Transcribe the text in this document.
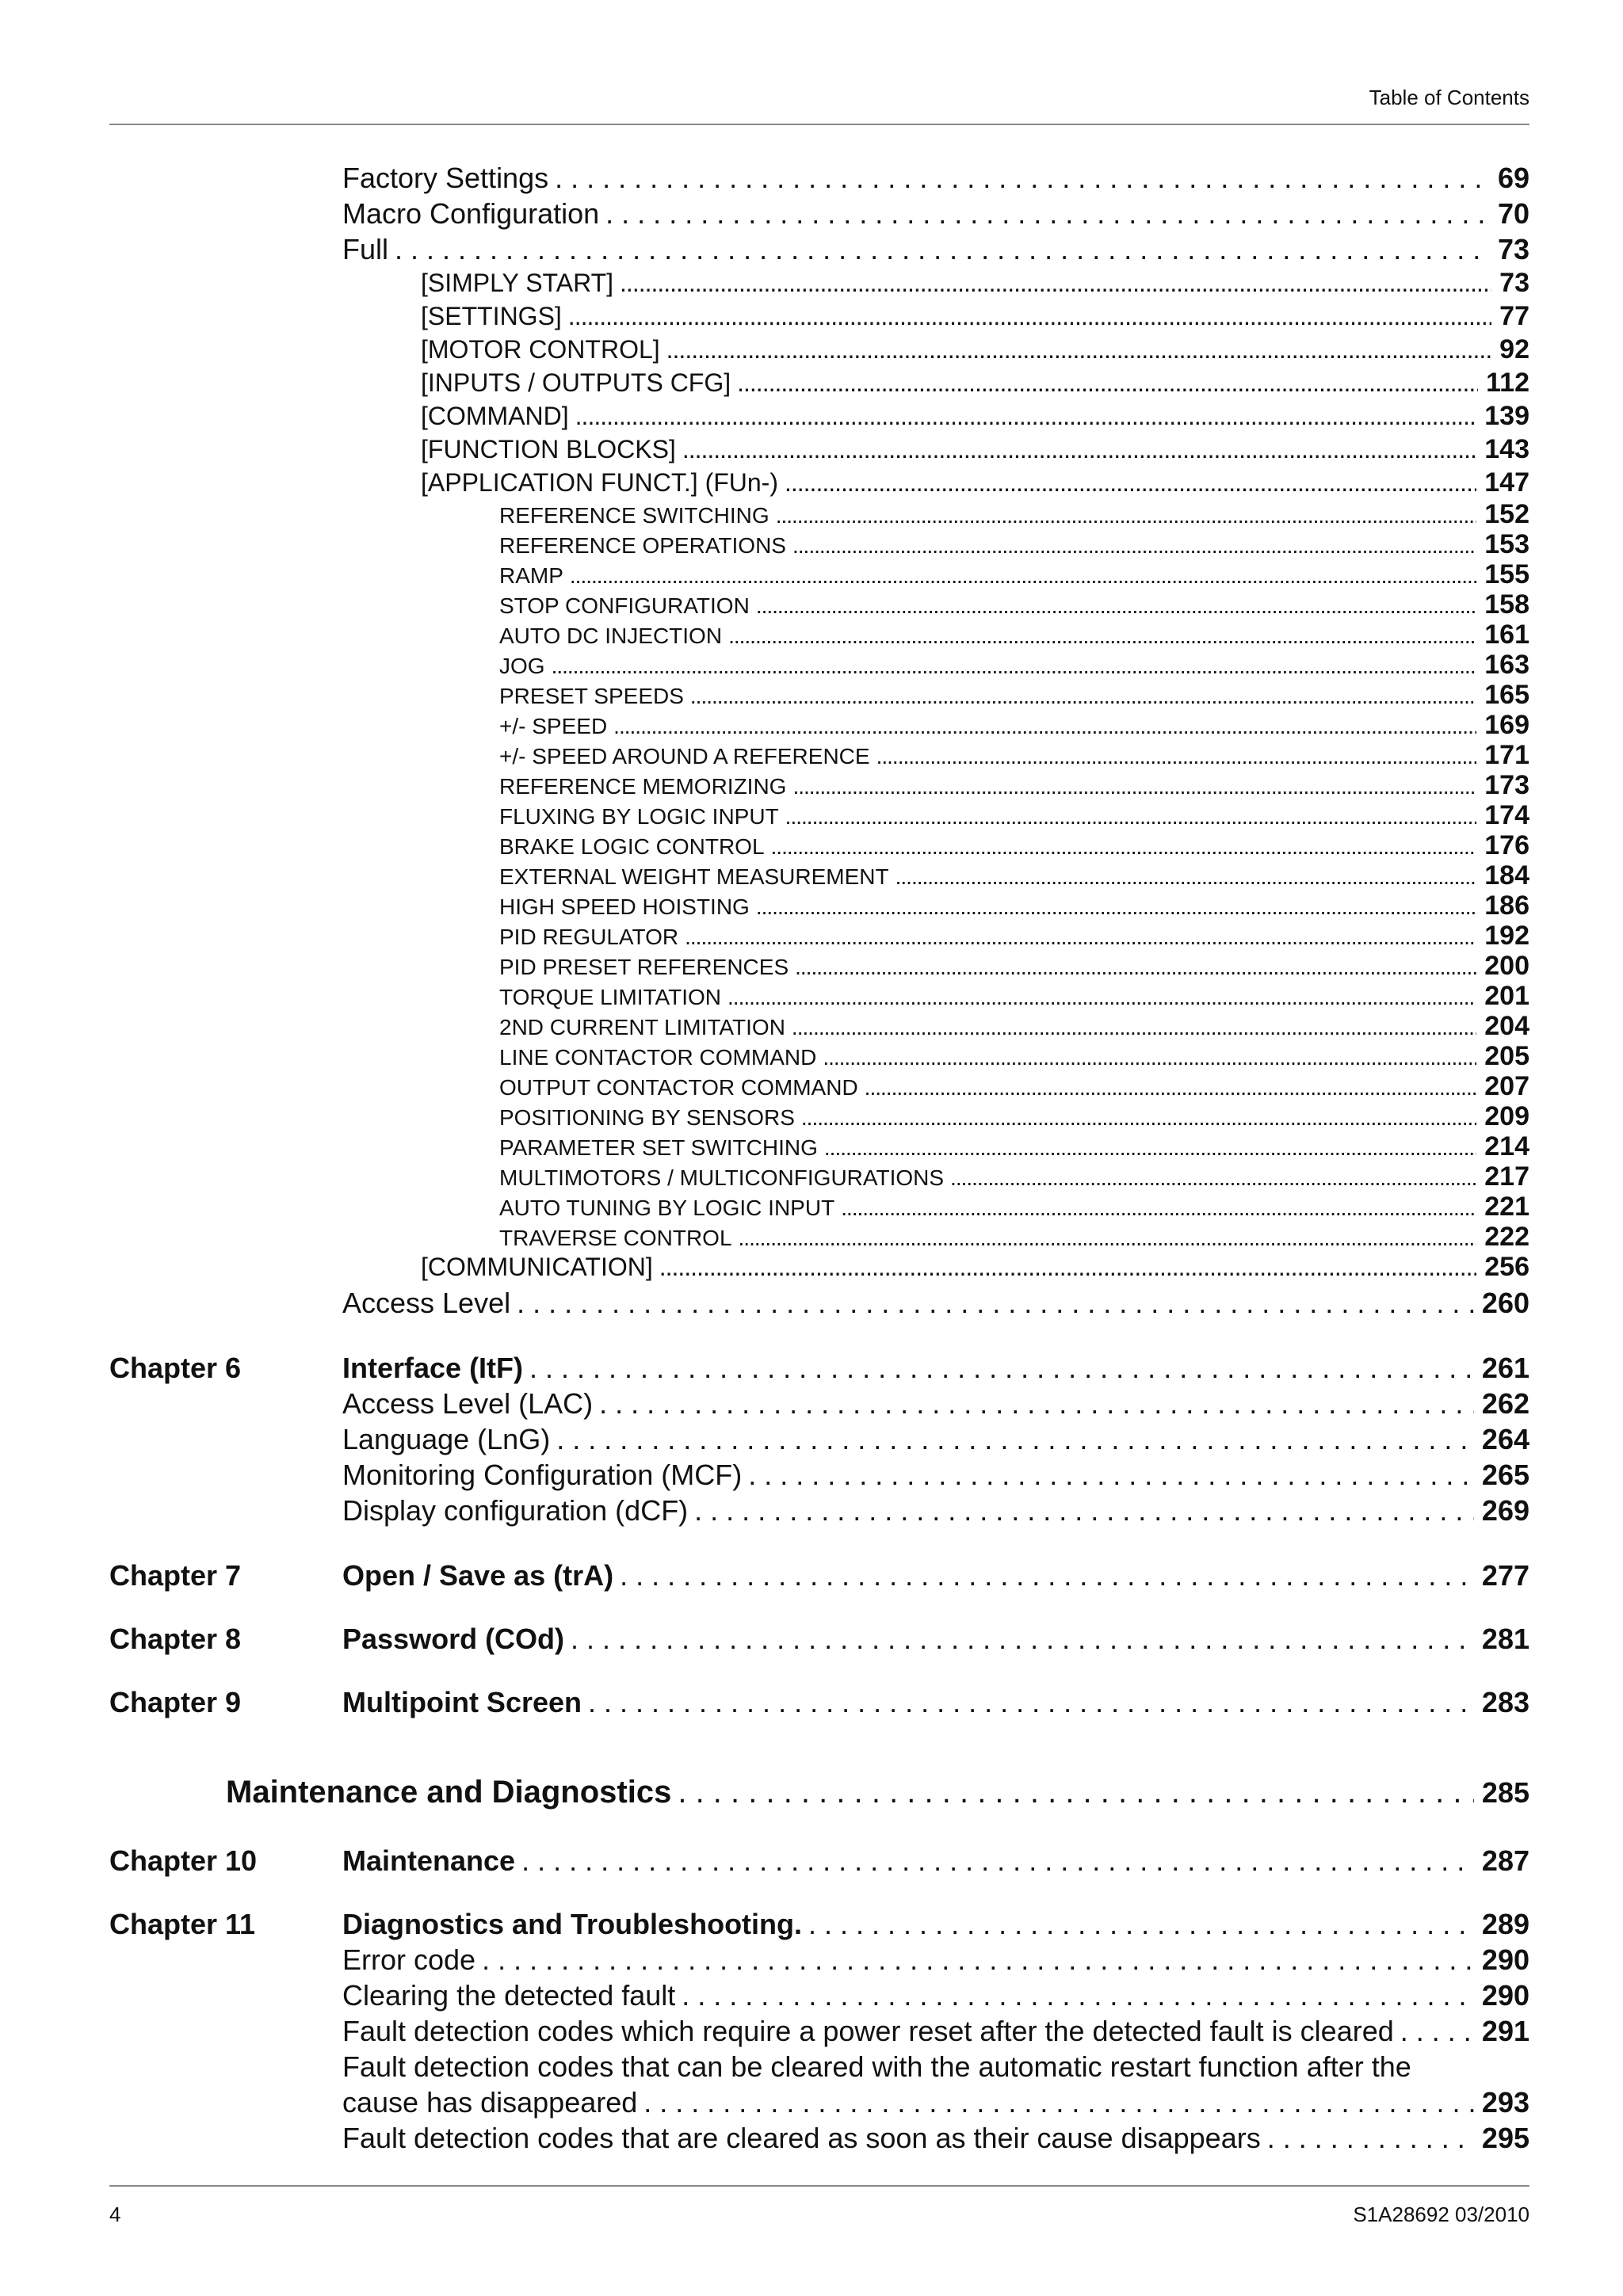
Table of Contents
Factory Settings . . .	69
Macro Configuration . . .	70
Full . . .	73
[SIMPLY START] .....	73
[SETTINGS] .....	77
[MOTOR CONTROL] .....	92
[INPUTS / OUTPUTS CFG] .....	112
[COMMAND] .....	139
[FUNCTION BLOCKS] .....	143
[APPLICATION FUNCT.] (FUn-) .....	147
REFERENCE SWITCHING .....	152
REFERENCE OPERATIONS .....	153
RAMP .....	155
STOP CONFIGURATION .....	158
AUTO DC INJECTION .....	161
JOG .....	163
PRESET SPEEDS .....	165
+/- SPEED .....	169
+/- SPEED AROUND A REFERENCE .....	171
REFERENCE MEMORIZING .....	173
FLUXING BY LOGIC INPUT .....	174
BRAKE LOGIC CONTROL .....	176
EXTERNAL WEIGHT MEASUREMENT .....	184
HIGH SPEED HOISTING .....	186
PID REGULATOR .....	192
PID PRESET REFERENCES .....	200
TORQUE LIMITATION .....	201
2ND CURRENT LIMITATION .....	204
LINE CONTACTOR COMMAND .....	205
OUTPUT CONTACTOR COMMAND .....	207
POSITIONING BY SENSORS .....	209
PARAMETER SET SWITCHING .....	214
MULTIMOTORS / MULTICONFIGURATIONS .....	217
AUTO TUNING BY LOGIC INPUT .....	221
TRAVERSE CONTROL .....	222
[COMMUNICATION] .....	256
Access Level . . .	260
Chapter 6	Interface (ItF) . . .	261
Access Level (LAC) . . .	262
Language (LnG) . . .	264
Monitoring Configuration (MCF) . . .	265
Display configuration (dCF) . . .	269
Chapter 7	Open / Save as (trA) . . .	277
Chapter 8	Password (COd) . . .	281
Chapter 9	Multipoint Screen . . .	283
Maintenance and Diagnostics . . .	285
Chapter 10	Maintenance . . .	287
Chapter 11	Diagnostics and Troubleshooting. . . .	289
Error code . . .	290
Clearing the detected fault . . .	290
Fault detection codes which require a power reset after the detected fault is cleared . . .	291
Fault detection codes that can be cleared with the automatic restart function after the
cause has disappeared . . .	293
Fault detection codes that are cleared as soon as their cause disappears . . .	295
4	S1A28692 03/2010
